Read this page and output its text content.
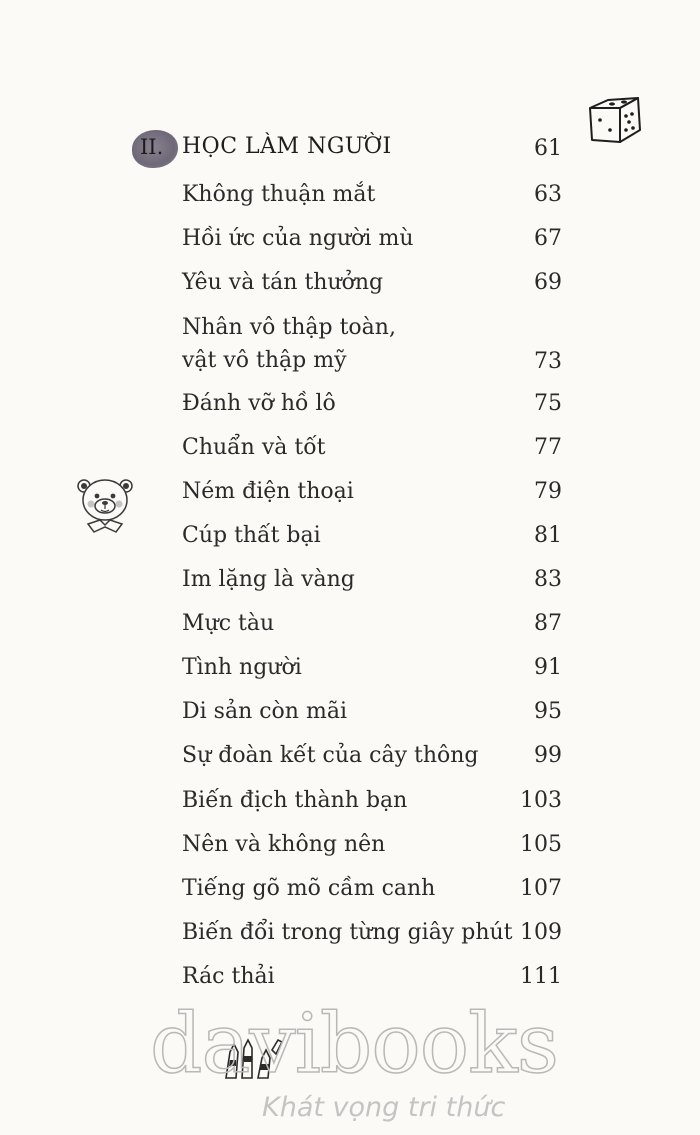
II. HỌC LÀM NGƯỜI	61
Không thuận mắt	63
Hồi ức của người mù	67
Yêu và tán thưởng	69
Nhân vô thập toàn,
vật vô thập mỹ	73
Đánh vỡ hồ lô	75
Chuẩn và tốt	77
Ném điện thoại	79
Cúp thất bại	81
Im lặng là vàng	83
Mực tàu	87
Tình người	91
Di sản còn mãi	95
Sự đoàn kết của cây thông	99
Biến địch thành bạn	103
Nên và không nên	105
Tiếng gõ mõ cầm canh	107
Biến đổi trong từng giây phút 109
Rác thải	111
davibooks
Khát vọng tri thức
